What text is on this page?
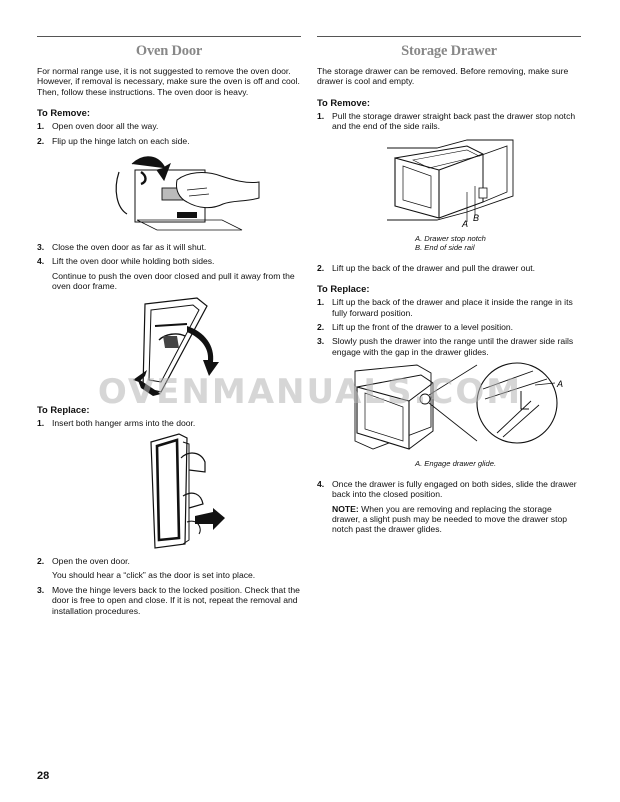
Oven Door

For normal range use, it is not suggested to remove the oven door. However, if removal is necessary, make sure the oven is off and cool. Then, follow these instructions. The oven door is heavy.

To Remove:
1. Open oven door all the way.
2. Flip up the hinge latch on each side.
3. Close the oven door as far as it will shut.
4. Lift the oven door while holding both sides.
Continue to push the oven door closed and pull it away from the oven door frame.
To Replace:
1. Insert both hanger arms into the door.
2. Open the oven door.
You should hear a “click” as the door is set into place.
3. Move the hinge levers back to the locked position. Check that the door is free to open and close. If it is not, repeat the removal and installation procedures.
Storage Drawer

The storage drawer can be removed. Before removing, make sure drawer is cool and empty.

To Remove:
1. Pull the storage drawer straight back past the drawer stop notch and the end of the side rails.
A
B
A. Drawer stop notch
B. End of side rail
2. Lift up the back of the drawer and pull the drawer out.
To Replace:
1. Lift up the back of the drawer and place it inside the range in its fully forward position.
2. Lift up the front of the drawer to a level position.
3. Slowly push the drawer into the range until the drawer side rails engage with the gap in the drawer glides.
A
A. Engage drawer glide.
4. Once the drawer is fully engaged on both sides, slide the drawer back into the closed position.
NOTE: When you are removing and replacing the storage drawer, a slight push may be needed to move the drawer stop notch past the drawer glides.
OVENMANUALS.COM
28
